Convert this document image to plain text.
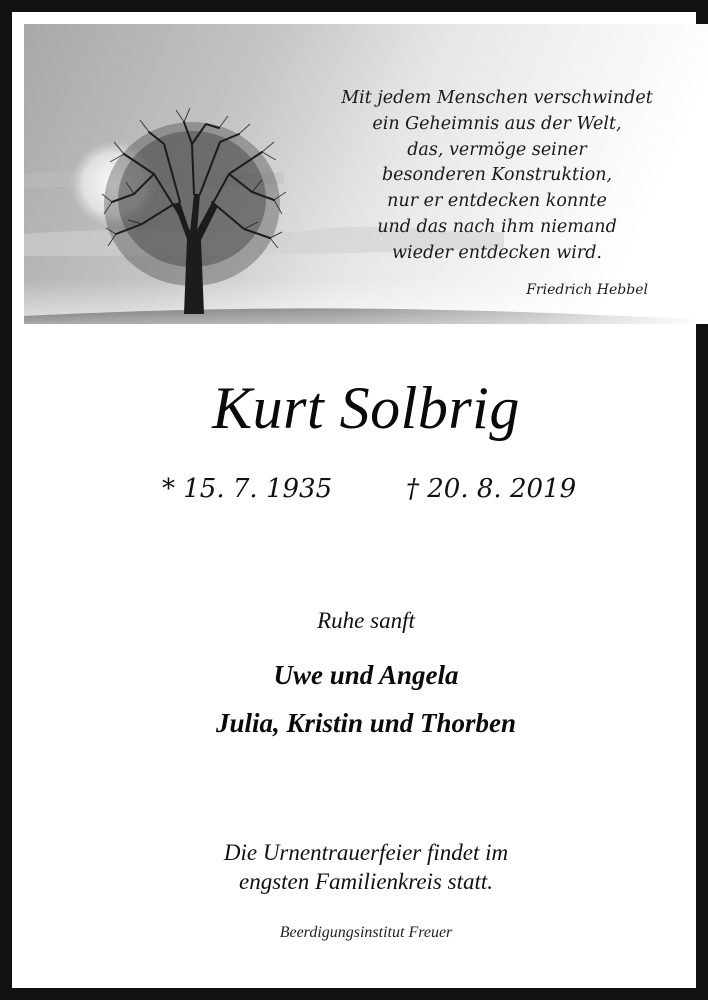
Mit jedem Menschen verschwindet
ein Geheimnis aus der Welt,
das, vermöge seiner
besonderen Konstruktion,
nur er entdecken konnte
und das nach ihm niemand
wieder entdecken wird.
Friedrich Hebbel
Kurt Solbrig
* 15. 7. 1935	† 20. 8. 2019
Ruhe sanft
Uwe und Angela
Julia, Kristin und Thorben
Die Urnentrauerfeier findet im
engsten Familienkreis statt.
Beerdigungsinstitut Freuer
